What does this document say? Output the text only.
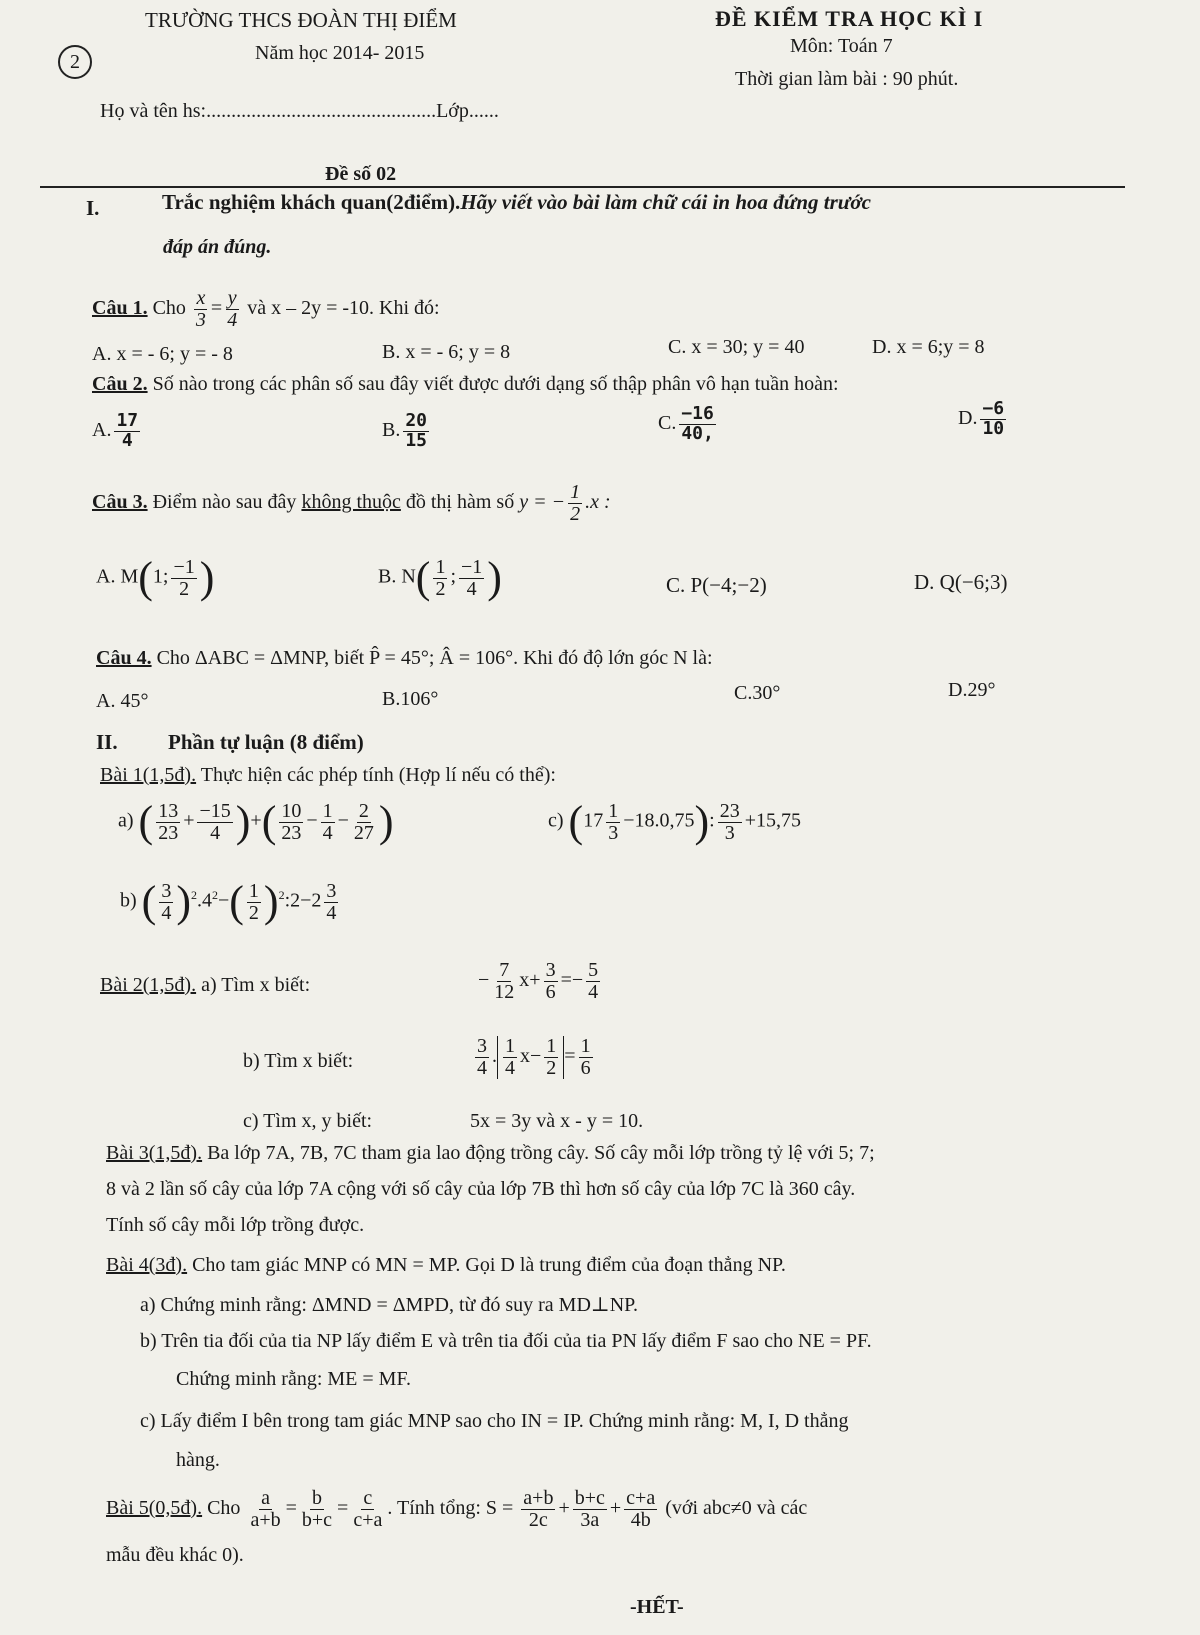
2
TRƯỜNG THCS ĐOÀN THỊ ĐIỂM
Năm học 2014- 2015
ĐỀ KIỂM TRA HỌC KÌ I
Môn: Toán 7
Thời gian làm bài : 90 phút.
Họ và tên hs:..............................................Lớp......
Đề số 02
I.	Trắc nghiệm khách quan(2điểm).Hãy viết vào bài làm chữ cái in hoa đứng trước
đáp án đúng.
Câu 1. Cho $\frac{x}{3} = \frac{y}{4}$ và x – 2y = -10. Khi đó:
A. x = - 6; y = - 8	B. x = - 6; y = 8	C. x = 30; y = 40	D. x = 6;y = 8
Câu 2. Số nào trong các phân số sau đây viết được dưới dạng số thập phân vô hạn tuần hoàn:
A. $\frac{17}{4}$	B. $\frac{20}{15}$	C. $\frac{-16}{40,}$	D. $\frac{-6}{10}$
Câu 3. Điểm nào sau đây không thuộc đồ thị hàm số y = − $\frac{1}{2} .x$ :
A. M(1; $\frac{-1}{2}$ )	B. $N( \frac{1}{2}$ ; $\frac{-1}{4}$ )	C. P(−4;−2)	D. Q(−6;3)
Câu 4. Cho ΔABC = ΔMNP, biết P̂ = 45°; Â = 106°. Khi đó độ lớn góc N là:
A. 45°	B.106°	C.30°	D.29°
II. Phần tự luận (8 điểm)
Bài 1(1,5đ). Thực hiện các phép tính (Hợp lí nếu có thể):
a) ( $\frac{13}{23} + \frac{-15}{4}$ )+( $\frac{10}{23} - \frac{1}{4} - \frac{2}{27}$ )	c) $(17 \frac{1}{3} -18.0,75)$: $\frac{23}{3} +15,75$
b) ( $\frac{3}{4} )^2.4^2-( \frac{1}{2}$ )$^2:2-2 \frac{3}{4}$
Bài 2(1,5đ). a) Tìm x biết:	− $\frac{7}{12} x+ \frac{3}{6} =- \frac{5}{4}$
b) Tìm x biết:	$\frac{3}{4}$ . $\frac{1}{4} x- \frac{1}{2} = \frac{1}{6}$
c) Tìm x, y biết:	5x = 3y và x - y = 10.
Bài 3(1,5đ). Ba lớp 7A, 7B, 7C tham gia lao động trồng cây. Số cây mỗi lớp trồng tỷ lệ với 5; 7;
8 và 2 lần số cây của lớp 7A cộng với số cây của lớp 7B thì hơn số cây của lớp 7C là 360 cây.
Tính số cây mỗi lớp trồng được.
Bài 4(3đ). Cho tam giác MNP có MN = MP. Gọi D là trung điểm của đoạn thẳng NP.
a) Chứng minh rằng: ΔMND = ΔMPD, từ đó suy ra MD⊥NP.
b) Trên tia đối của tia NP lấy điểm E và trên tia đối của tia PN lấy điểm F sao cho NE = PF.
Chứng minh rằng: ME = MF.
c) Lấy điểm I bên trong tam giác MNP sao cho IN = IP. Chứng minh rằng: M, I, D thẳng
hàng.
Bài 5(0,5đ). Cho $\frac{a}{a+b} = \frac{b}{b+c} = \frac{c}{c+a}$ . Tính tổng: $S = \frac{a+b}{2c} + \frac{b+c}{3a} + \frac{c+a}{4b}$ (với abc≠0 và các
mẫu đều khác 0).
-HẾT-
